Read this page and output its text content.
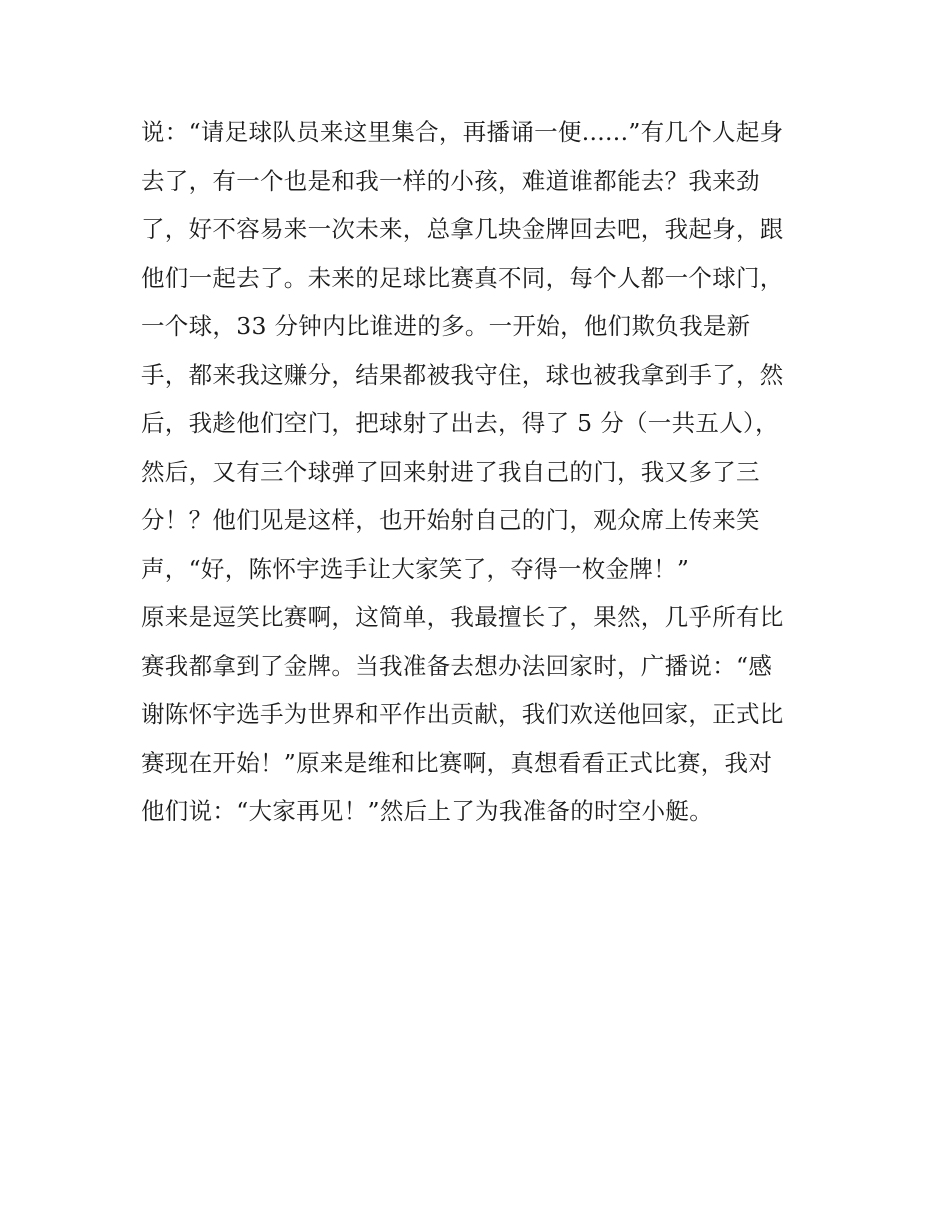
说：“请足球队员来这里集合，再播诵一便......”有几个人起身
去了，有一个也是和我一样的小孩，难道谁都能去？我来劲
了，好不容易来一次未来，总拿几块金牌回去吧，我起身，跟
他们一起去了。未来的足球比赛真不同，每个人都一个球门，
一个球，33 分钟内比谁进的多。一开始，他们欺负我是新
手，都来我这赚分，结果都被我守住，球也被我拿到手了，然
后，我趁他们空门，把球射了出去，得了 5 分（一共五人），
然后，又有三个球弹了回来射进了我自己的门，我又多了三
分！？他们见是这样，也开始射自己的门，观众席上传来笑
声，“好，陈怀宇选手让大家笑了，夺得一枚金牌！”
原来是逗笑比赛啊，这简单，我最擅长了，果然，几乎所有比
赛我都拿到了金牌。当我准备去想办法回家时，广播说：“感
谢陈怀宇选手为世界和平作出贡献，我们欢送他回家，正式比
赛现在开始！”原来是维和比赛啊，真想看看正式比赛，我对
他们说：“大家再见！”然后上了为我准备的时空小艇。
